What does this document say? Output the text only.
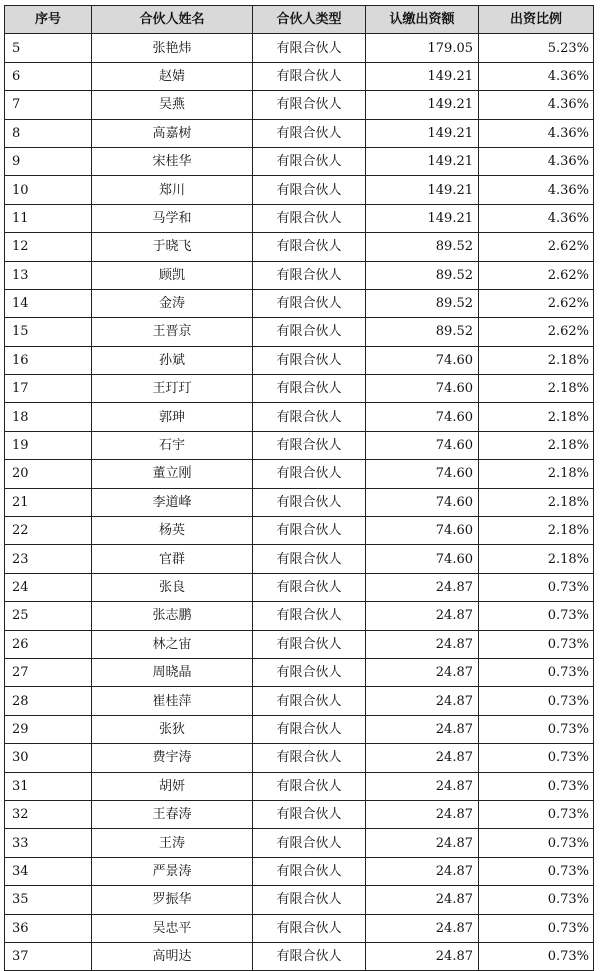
序号	合伙人姓名	合伙人类型	认缴出资额	出资比例
5	张艳炜	有限合伙人	179.05	5.23%
6	赵婧	有限合伙人	149.21	4.36%
7	吴燕	有限合伙人	149.21	4.36%
8	高嘉树	有限合伙人	149.21	4.36%
9	宋桂华	有限合伙人	149.21	4.36%
10	郑川	有限合伙人	149.21	4.36%
11	马学和	有限合伙人	149.21	4.36%
12	于晓飞	有限合伙人	89.52	2.62%
13	顾凯	有限合伙人	89.52	2.62%
14	金涛	有限合伙人	89.52	2.62%
15	王晋京	有限合伙人	89.52	2.62%
16	孙斌	有限合伙人	74.60	2.18%
17	王玎玎	有限合伙人	74.60	2.18%
18	郭珅	有限合伙人	74.60	2.18%
19	石宇	有限合伙人	74.60	2.18%
20	董立刚	有限合伙人	74.60	2.18%
21	李道峰	有限合伙人	74.60	2.18%
22	杨英	有限合伙人	74.60	2.18%
23	官群	有限合伙人	74.60	2.18%
24	张良	有限合伙人	24.87	0.73%
25	张志鹏	有限合伙人	24.87	0.73%
26	林之宙	有限合伙人	24.87	0.73%
27	周晓晶	有限合伙人	24.87	0.73%
28	崔桂萍	有限合伙人	24.87	0.73%
29	张狄	有限合伙人	24.87	0.73%
30	费宇涛	有限合伙人	24.87	0.73%
31	胡妍	有限合伙人	24.87	0.73%
32	王春涛	有限合伙人	24.87	0.73%
33	王涛	有限合伙人	24.87	0.73%
34	严景涛	有限合伙人	24.87	0.73%
35	罗振华	有限合伙人	24.87	0.73%
36	吴忠平	有限合伙人	24.87	0.73%
37	高明达	有限合伙人	24.87	0.73%
